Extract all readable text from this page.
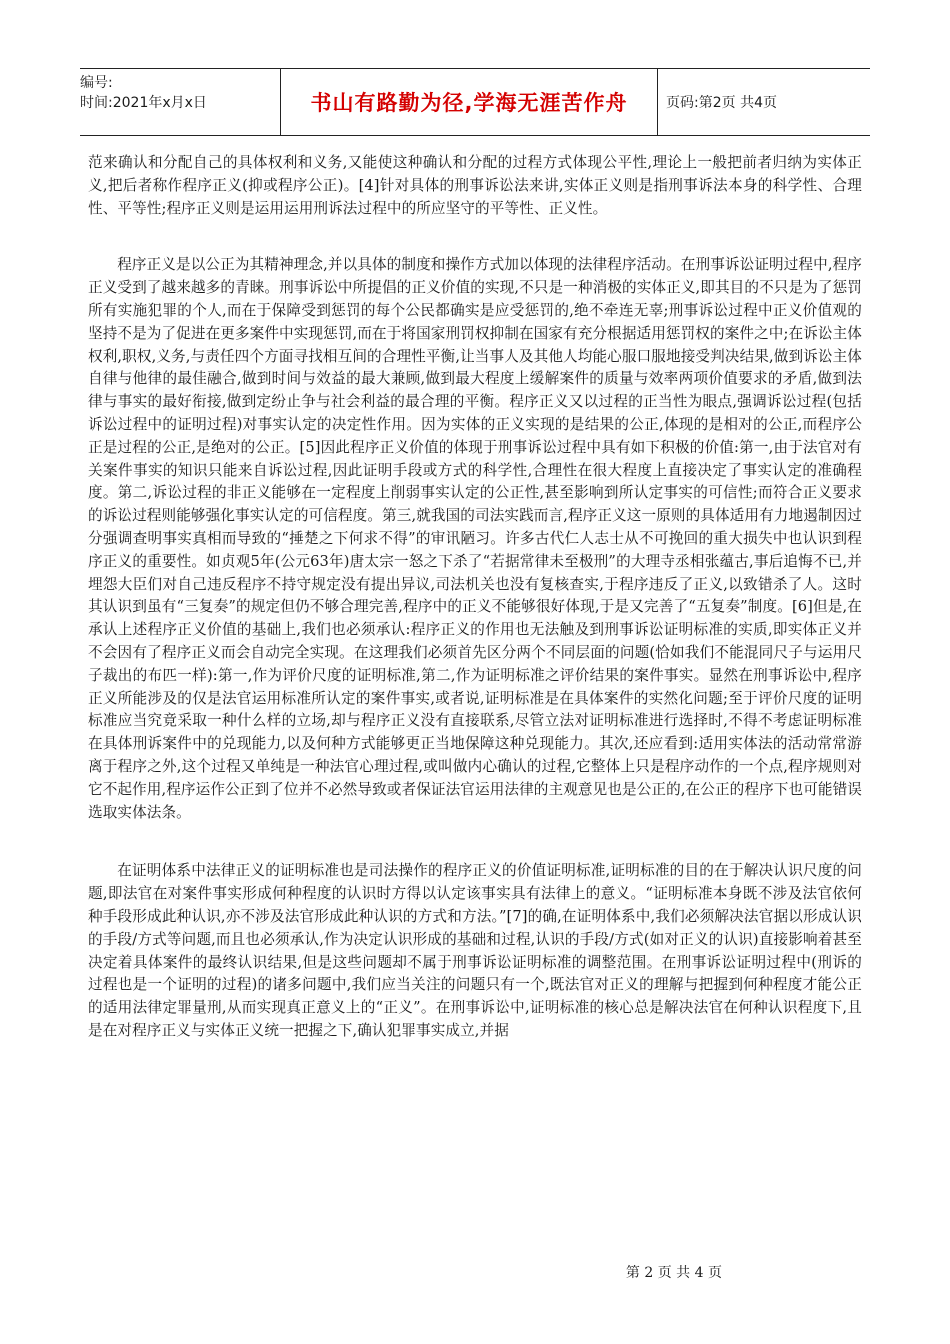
编号:
时间:2021年x月x日	书山有路勤为径,学海无涯苦作舟	页码:第2页 共4页

范来确认和分配自己的具体权利和义务,又能使这种确认和分配的过程方式体现公平性,理论上一般把前者归纳为实体正义,把后者称作程序正义(抑或程序公正)。[4]针对具体的刑事诉讼法来讲,实体正义则是指刑事诉法本身的科学性、合理性、平等性;程序正义则是运用运用刑诉法过程中的所应坚守的平等性、正义性。

程序正义是以公正为其精神理念,并以具体的制度和操作方式加以体现的法律程序活动。在刑事诉讼证明过程中,程序正义受到了越来越多的青睐。刑事诉讼中所提倡的正义价值的实现,不只是一种消极的实体正义,即其目的不只是为了惩罚所有实施犯罪的个人,而在于保障受到惩罚的每个公民都确实是应受惩罚的,绝不牵连无辜;刑事诉讼过程中正义价值观的坚持不是为了促进在更多案件中实现惩罚,而在于将国家刑罚权抑制在国家有充分根据适用惩罚权的案件之中;在诉讼主体权利,职权,义务,与责任四个方面寻找相互间的合理性平衡,让当事人及其他人均能心服口服地接受判决结果,做到诉讼主体自律与他律的最佳融合,做到时间与效益的最大兼顾,做到最大程度上缓解案件的质量与效率两项价值要求的矛盾,做到法律与事实的最好衔接,做到定纷止争与社会利益的最合理的平衡。程序正义又以过程的正当性为眼点,强调诉讼过程(包括诉讼过程中的证明过程)对事实认定的决定性作用。因为实体的正义实现的是结果的公正,体现的是相对的公正,而程序公正是过程的公正,是绝对的公正。[5]因此程序正义价值的体现于刑事诉讼过程中具有如下积极的价值:第一,由于法官对有关案件事实的知识只能来自诉讼过程,因此证明手段或方式的科学性,合理性在很大程度上直接决定了事实认定的准确程度。第二,诉讼过程的非正义能够在一定程度上削弱事实认定的公正性,甚至影响到所认定事实的可信性;而符合正义要求的诉讼过程则能够强化事实认定的可信程度。第三,就我国的司法实践而言,程序正义这一原则的具体适用有力地遏制因过分强调查明事实真相而导致的“捶楚之下何求不得”的审讯陋习。许多古代仁人志士从不可挽回的重大损失中也认识到程序正义的重要性。如贞观5年(公元63年)唐太宗一怒之下杀了“若据常律未至极刑”的大理寺丞相张蕴古,事后追悔不已,并埋怨大臣们对自己违反程序不持守规定没有提出异议,司法机关也没有复核查实,于程序违反了正义,以致错杀了人。这时其认识到虽有“三复奏”的规定但仍不够合理完善,程序中的正义不能够很好体现,于是又完善了“五复奏”制度。[6]但是,在承认上述程序正义价值的基础上,我们也必须承认:程序正义的作用也无法触及到刑事诉讼证明标准的实质,即实体正义并不会因有了程序正义而会自动完全实现。在这理我们必须首先区分两个不同层面的问题(恰如我们不能混同尺子与运用尺子裁出的布匹一样):第一,作为评价尺度的证明标准,第二,作为证明标准之评价结果的案件事实。显然在刑事诉讼中,程序正义所能涉及的仅是法官运用标准所认定的案件事实,或者说,证明标准是在具体案件的实然化问题;至于评价尺度的证明标准应当究竟采取一种什么样的立场,却与程序正义没有直接联系,尽管立法对证明标准进行选择时,不得不考虑证明标准在具体刑诉案件中的兑现能力,以及何种方式能够更正当地保障这种兑现能力。其次,还应看到:适用实体法的活动常常游离于程序之外,这个过程又单纯是一种法官心理过程,或叫做内心确认的过程,它整体上只是程序动作的一个点,程序规则对它不起作用,程序运作公正到了位并不必然导致或者保证法官运用法律的主观意见也是公正的,在公正的程序下也可能错误选取实体法条。

在证明体系中法律正义的证明标准也是司法操作的程序正义的价值证明标准,证明标准的目的在于解决认识尺度的问题,即法官在对案件事实形成何种程度的认识时方得以认定该事实具有法律上的意义。“证明标准本身既不涉及法官依何种手段形成此种认识,亦不涉及法官形成此种认识的方式和方法。”[7]的确,在证明体系中,我们必须解决法官据以形成认识的手段/方式等问题,而且也必须承认,作为决定认识形成的基础和过程,认识的手段/方式(如对正义的认识)直接影响着甚至决定着具体案件的最终认识结果,但是这些问题却不属于刑事诉讼证明标准的调整范围。在刑事诉讼证明过程中(刑诉的过程也是一个证明的过程)的诸多问题中,我们应当关注的问题只有一个,既法官对正义的理解与把握到何种程度才能公正的适用法律定罪量刑,从而实现真正意义上的“正义”。在刑事诉讼中,证明标准的核心总是解决法官在何种认识程度下,且是在对程序正义与实体正义统一把握之下,确认犯罪事实成立,并据

第 2 页 共 4 页
